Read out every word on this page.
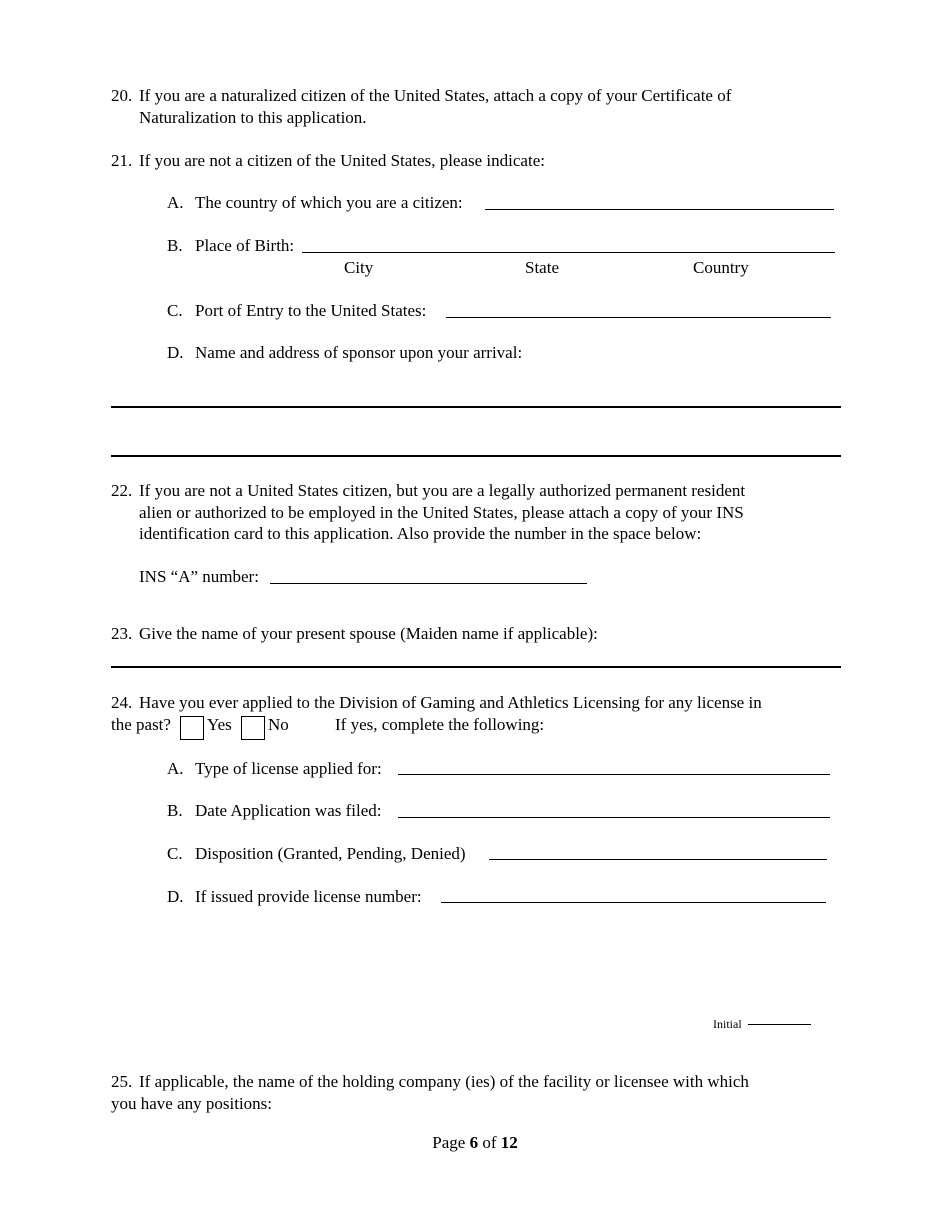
20. If you are a naturalized citizen of the United States, attach a copy of your Certificate of
Naturalization to this application.
21. If you are not a citizen of the United States, please indicate:
A. The country of which you are a citizen:
B. Place of Birth:
City	State	Country
C. Port of Entry to the United States:
D. Name and address of sponsor upon your arrival:
22. If you are not a United States citizen, but you are a legally authorized permanent resident
alien or authorized to be employed in the United States, please attach a copy of your INS
identification card to this application. Also provide the number in the space below:
INS “A” number:
23. Give the name of your present spouse (Maiden name if applicable):
24. Have you ever applied to the Division of Gaming and Athletics Licensing for any license in
the past? Yes No	If yes, complete the following:
A. Type of license applied for:
B. Date Application was filed:
C. Disposition (Granted, Pending, Denied)
D. If issued provide license number:
Initial
25. If applicable, the name of the holding company (ies) of the facility or licensee with which
you have any positions:
Page 6 of 12
